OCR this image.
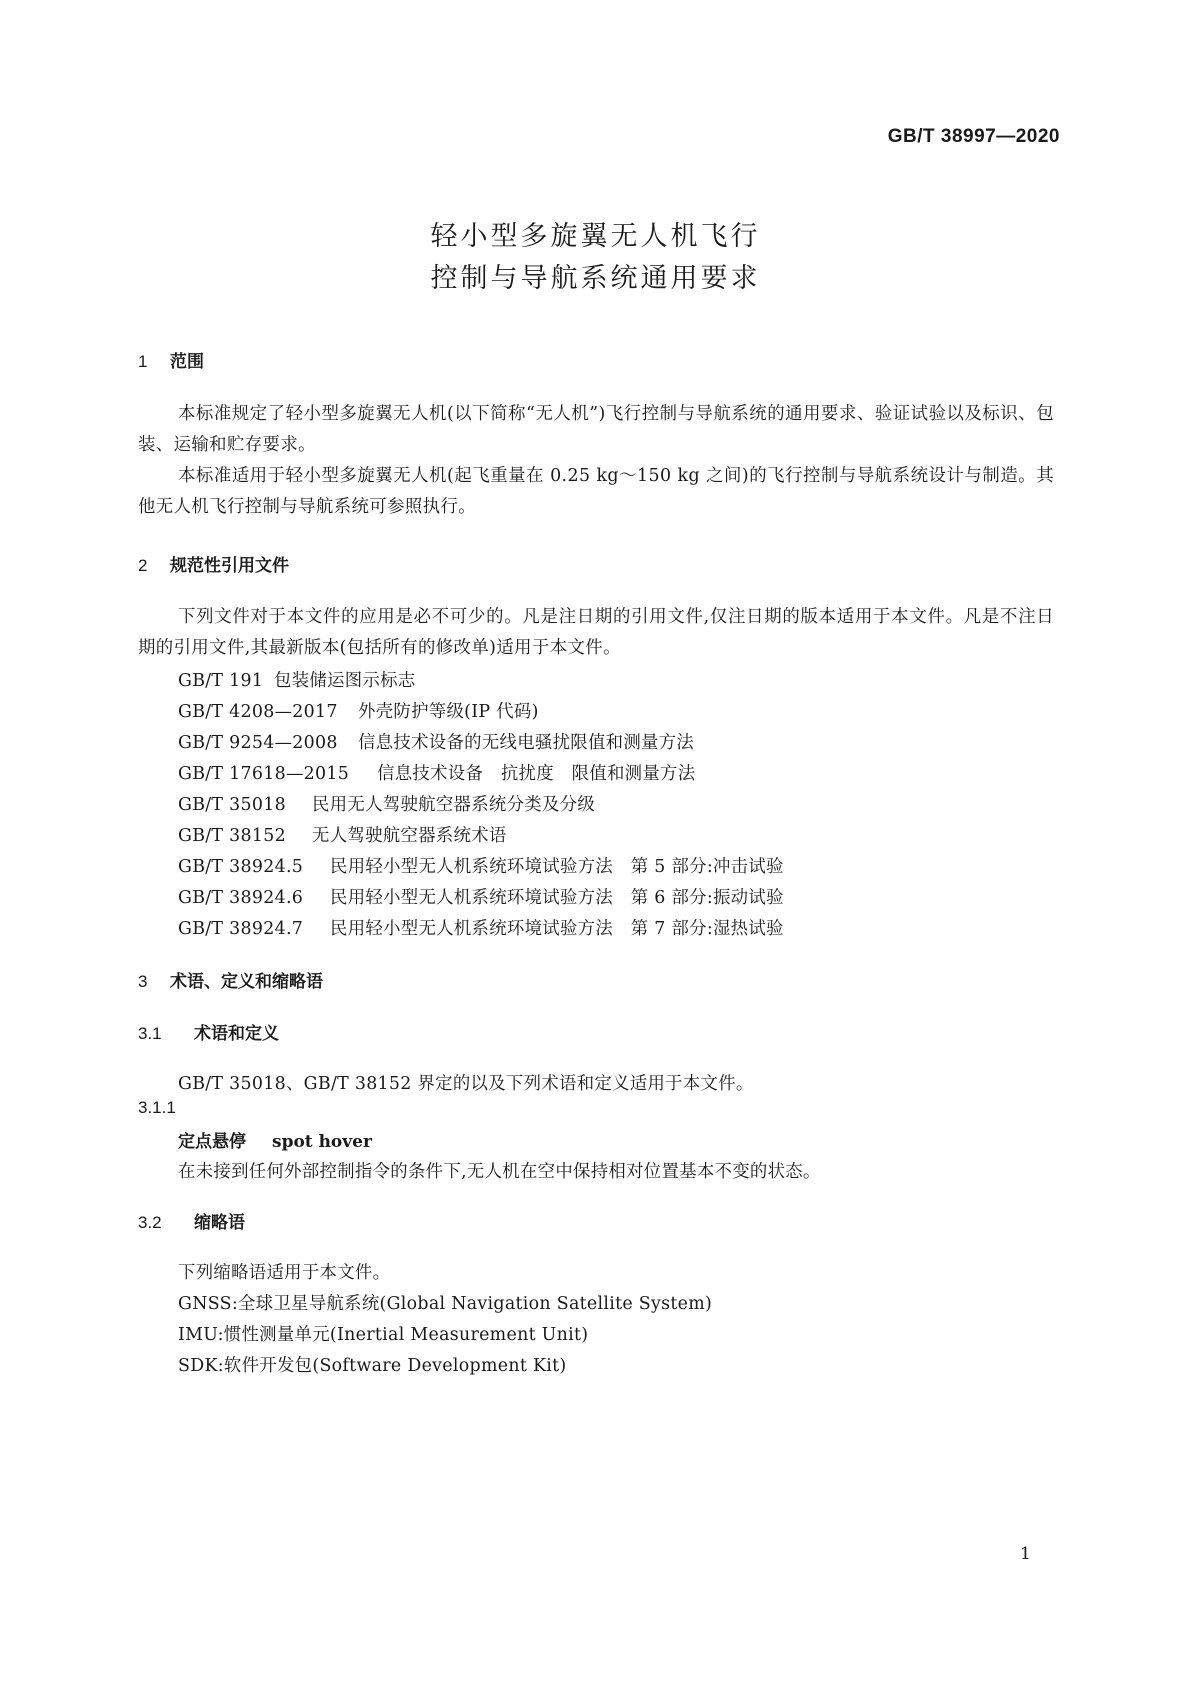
GB/T 38997—2020
轻小型多旋翼无人机飞行
控制与导航系统通用要求
1 范围

本标准规定了轻小型多旋翼无人机(以下简称“无人机”)飞行控制与导航系统的通用要求、验证试验以及标识、包装、运输和贮存要求。

本标准适用于轻小型多旋翼无人机(起飞重量在 0.25 kg～150 kg 之间)的飞行控制与导航系统设计与制造。其他无人机飞行控制与导航系统可参照执行。

2 规范性引用文件

下列文件对于本文件的应用是必不可少的。凡是注日期的引用文件,仅注日期的版本适用于本文件。凡是不注日期的引用文件,其最新版本(包括所有的修改单)适用于本文件。

GB/T 191 包装储运图示标志
GB/T 4208—2017 外壳防护等级(IP 代码)
GB/T 9254—2008 信息技术设备的无线电骚扰限值和测量方法
GB/T 17618—2015 信息技术设备　抗扰度　限值和测量方法
GB/T 35018 民用无人驾驶航空器系统分类及分级
GB/T 38152 无人驾驶航空器系统术语
GB/T 38924.5 民用轻小型无人机系统环境试验方法　第 5 部分:冲击试验
GB/T 38924.6 民用轻小型无人机系统环境试验方法　第 6 部分:振动试验
GB/T 38924.7 民用轻小型无人机系统环境试验方法　第 7 部分:湿热试验
3 术语、定义和缩略语
3.1 术语和定义
GB/T 35018、GB/T 38152 界定的以及下列术语和定义适用于本文件。
3.1.1
定点悬停 spot hover
在未接到任何外部控制指令的条件下,无人机在空中保持相对位置基本不变的状态。
3.2 缩略语
下列缩略语适用于本文件。
GNSS:全球卫星导航系统(Global Navigation Satellite System)
IMU:惯性测量单元(Inertial Measurement Unit)
SDK:软件开发包(Software Development Kit)
1
